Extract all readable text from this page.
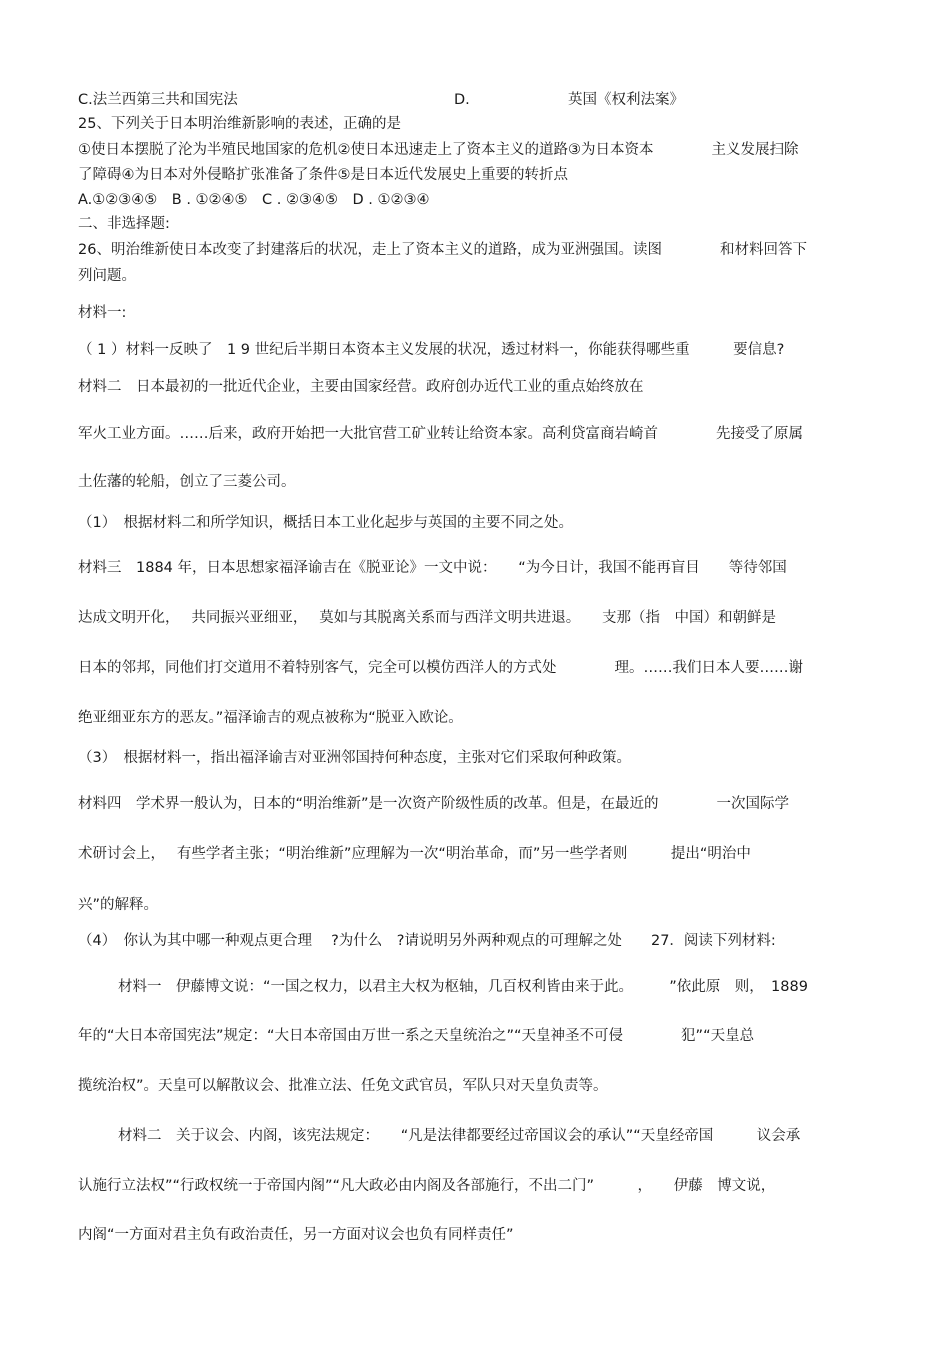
C.法兰西第三共和国宪法	D.	英国《权利法案》
25、下列关于日本明治维新影响的表述，正确的是
①使日本摆脱了沦为半殖民地国家的危机②使日本迅速走上了资本主义的道路③为日本资本　　　　主义发展扫除
了障碍④为日本对外侵略扩张准备了条件⑤是日本近代发展史上重要的转折点
A.①②③④⑤　B . ①②④⑤　C . ②③④⑤　D . ①②③④
二、非选择题:
26、明治维新使日本改变了封建落后的状况，走上了资本主义的道路，成为亚洲强国。读图　　　　和材料回答下
列问题。
材料一:
（ 1 ）材料一反映了　1 9 世纪后半期日本资本主义发展的状况，透过材料一，你能获得哪些重　　　要信息?
材料二　日本最初的一批近代企业，主要由国家经营。政府创办近代工业的重点始终放在
军火工业方面。……后来，政府开始把一大批官营工矿业转让给资本家。高利贷富商岩崎首　　　　先接受了原属
土佐藩的轮船，创立了三菱公司。
（1）　根据材料二和所学知识，概括日本工业化起步与英国的主要不同之处。
材料三　1884 年，日本思想家福泽谕吉在《脱亚论》一文中说：　　“为今日计，我国不能再盲目　　等待邻国
达成文明开化，　 共同振兴亚细亚，　 莫如与其脱离关系而与西洋文明共进退。　　支那（指　中国）和朝鲜是
日本的邻邦，同他们打交道用不着特别客气，完全可以模仿西洋人的方式处　　　　理。……我们日本人要……谢
绝亚细亚东方的恶友。”福泽谕吉的观点被称为“脱亚入欧论。
（3）　根据材料一，指出福泽谕吉对亚洲邻国持何种态度，主张对它们采取何种政策。
材料四　学术界一般认为，日本的“明治维新”是一次资产阶级性质的改革。但是，在最近的　　　　一次国际学
术研讨会上，　 有些学者主张；“明治维新”应理解为一次“明治革命，而”另一些学者则　　　提出“明治中
兴”的解释。
（4）　你认为其中哪一种观点更合理　 ?为什么　?请说明另外两种观点的可理解之处　　27．阅读下列材料:
材料一　伊藤博文说：“一国之权力，以君主大权为枢轴，几百权利皆由来于此。　　　”依此原　则，　1889
年的“大日本帝国宪法”规定：“大日本帝国由万世一系之天皇统治之”“天皇神圣不可侵　　　　犯”“天皇总
揽统治权”。天皇可以解散议会、批准立法、任免文武官员，军队只对天皇负责等。
材料二　关于议会、内阁，该宪法规定：　　“凡是法律都要经过帝国议会的承认”“天皇经帝国　　　议会承
认施行立法权”“行政权统一于帝国内阁”“凡大政必由内阁及各部施行，不出二门”　　　，　　伊藤　博文说，
内阁“一方面对君主负有政治责任，另一方面对议会也负有同样责任”
